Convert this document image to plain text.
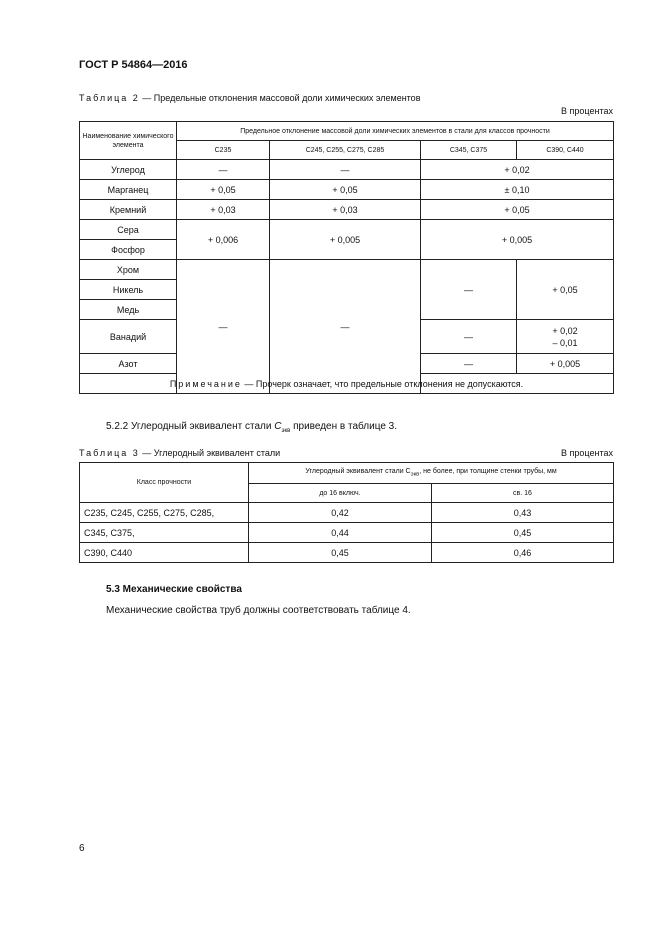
ГОСТ Р 54864—2016
Таблица 2 — Предельные отклонения массовой доли химических элементов
В процентах
Наименование химического элемента	Предельное отклонение массовой доли химических элементов в стали для классов прочности			
	С235	С245, С255, С275, С285	С345, С375	С390, С440
Углерод	—	—	+ 0,02	
Марганец	+ 0,05	+ 0,05	± 0,10	
Кремний	+ 0,03	+ 0,03	+ 0,05	
Сера	+ 0,006	+ 0,005	+ 0,005	
Фосфор				
Хром	—	—	—	+ 0,05
Никель				
Медь				
Ванадий			—	+ 0,02
– 0,01

Азот			—	+ 0,005
Примечание — Прочерк означает, что предельные отклонения не допускаются.				
5.2.2 Углеродный эквивалент стали $С_{экв}$ приведен в таблице 3.
Таблица 3 — Углеродный эквивалент стали	В процентах
Класс прочности	Углеродный эквивалент стали $С_{экв}$, не более, при толщине стенки трубы, мм	
	до 16 включ.	св. 16
С235, С245, С255, С275, С285,	0,42	0,43
С345, С375,	0,44	0,45
С390, С440	0,45	0,46
5.3 Механические свойства
Механические свойства труб должны соответствовать таблице 4.
6
